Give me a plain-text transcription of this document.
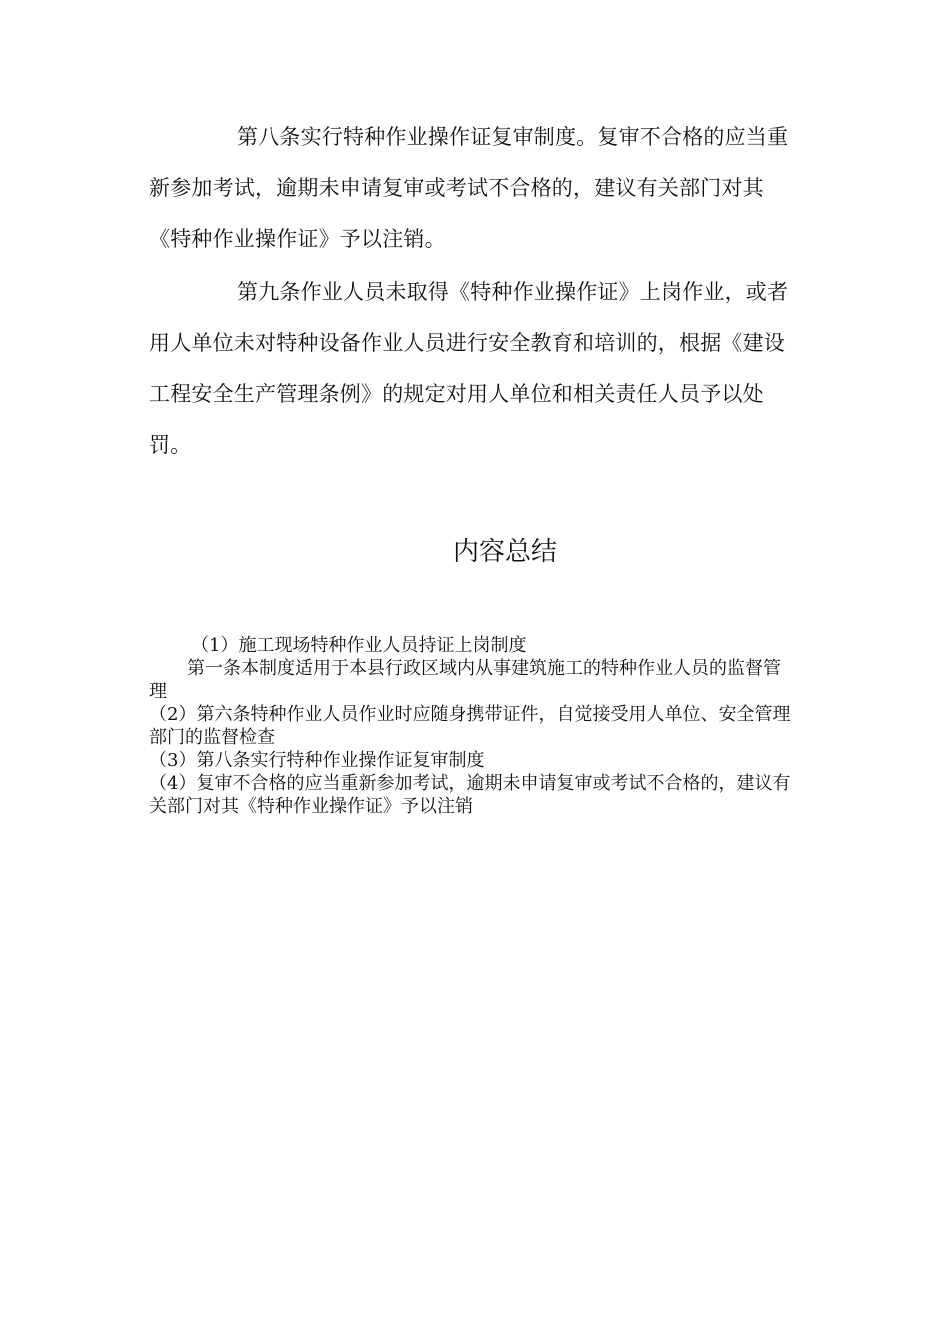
第八条实行特种作业操作证复审制度。复审不合格的应当重新参加考试，逾期未申请复审或考试不合格的，建议有关部门对其《特种作业操作证》予以注销。

第九条作业人员未取得《特种作业操作证》上岗作业，或者用人单位未对特种设备作业人员进行安全教育和培训的，根据《建设工程安全生产管理条例》的规定对用人单位和相关责任人员予以处罚。

内容总结

（1）施工现场特种作业人员持证上岗制度

第一条本制度适用于本县行政区域内从事建筑施工的特种作业人员的监督管理

（2）第六条特种作业人员作业时应随身携带证件，自觉接受用人单位、安全管理部门的监督检查

（3）第八条实行特种作业操作证复审制度

（4）复审不合格的应当重新参加考试，逾期未申请复审或考试不合格的，建议有关部门对其《特种作业操作证》予以注销
